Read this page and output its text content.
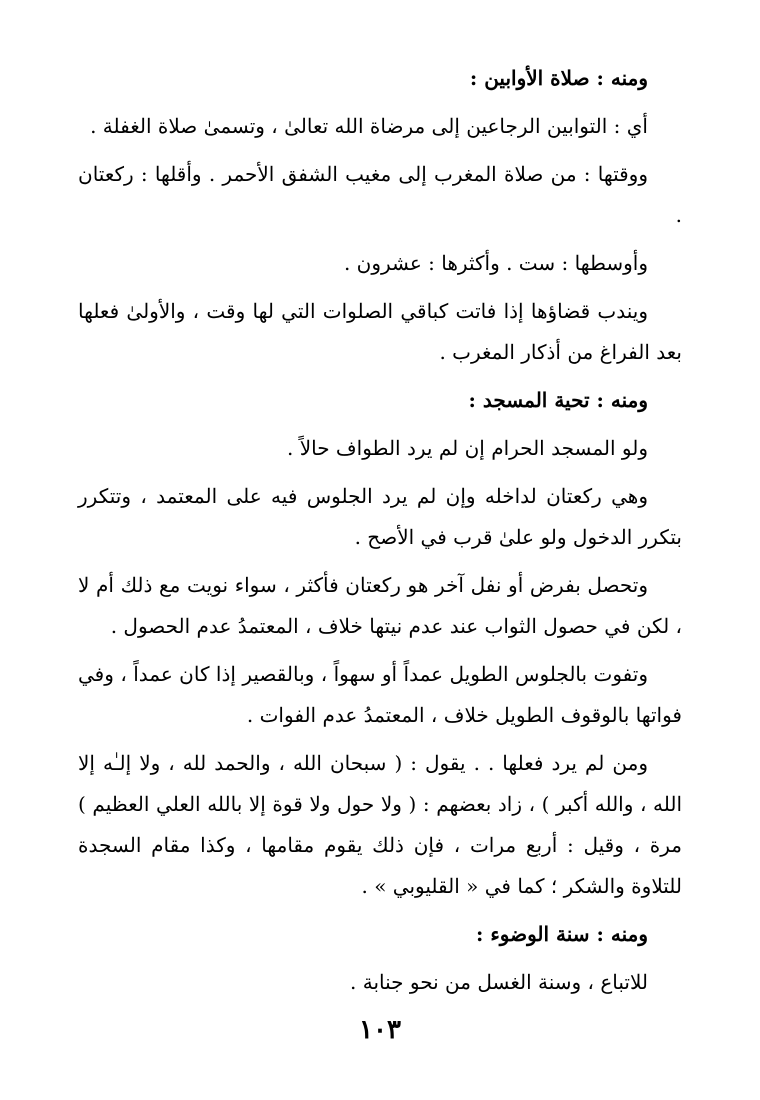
ومنه : صلاة الأوابين :

أي : التوابين الرجاعين إلى مرضاة الله تعالىٰ ، وتسمىٰ صلاة الغفلة .

ووقتها : من صلاة المغرب إلى مغيب الشفق الأحمر . وأقلها : ركعتان .

وأوسطها : ست . وأكثرها : عشرون .

ويندب قضاؤها إذا فاتت كباقي الصلوات التي لها وقت ، والأولىٰ فعلها بعد الفراغ من أذكار المغرب .

ومنه : تحية المسجد :

ولو المسجد الحرام إن لم يرد الطواف حالاً .

وهي ركعتان لداخله وإن لم يرد الجلوس فيه على المعتمد ، وتتكرر بتكرر الدخول ولو علىٰ قرب في الأصح .

وتحصل بفرض أو نفل آخر هو ركعتان فأكثر ، سواء نويت مع ذلك أم لا ، لكن في حصول الثواب عند عدم نيتها خلاف ، المعتمدُ عدم الحصول .

وتفوت بالجلوس الطويل عمداً أو سهواً ، وبالقصير إذا كان عمداً ، وفي فواتها بالوقوف الطويل خلاف ، المعتمدُ عدم الفوات .

ومن لم يرد فعلها . . يقول : ( سبحان الله ، والحمد لله ، ولا إلـٰه إلا الله ، والله أكبر ) ، زاد بعضهم : ( ولا حول ولا قوة إلا بالله العلي العظيم ) مرة ، وقيل : أربع مرات ، فإن ذلك يقوم مقامها ، وكذا مقام السجدة للتلاوة والشكر ؛ كما في « القليوبي » .

ومنه : سنة الوضوء :

للاتباع ، وسنة الغسل من نحو جنابة .

١٠٣
